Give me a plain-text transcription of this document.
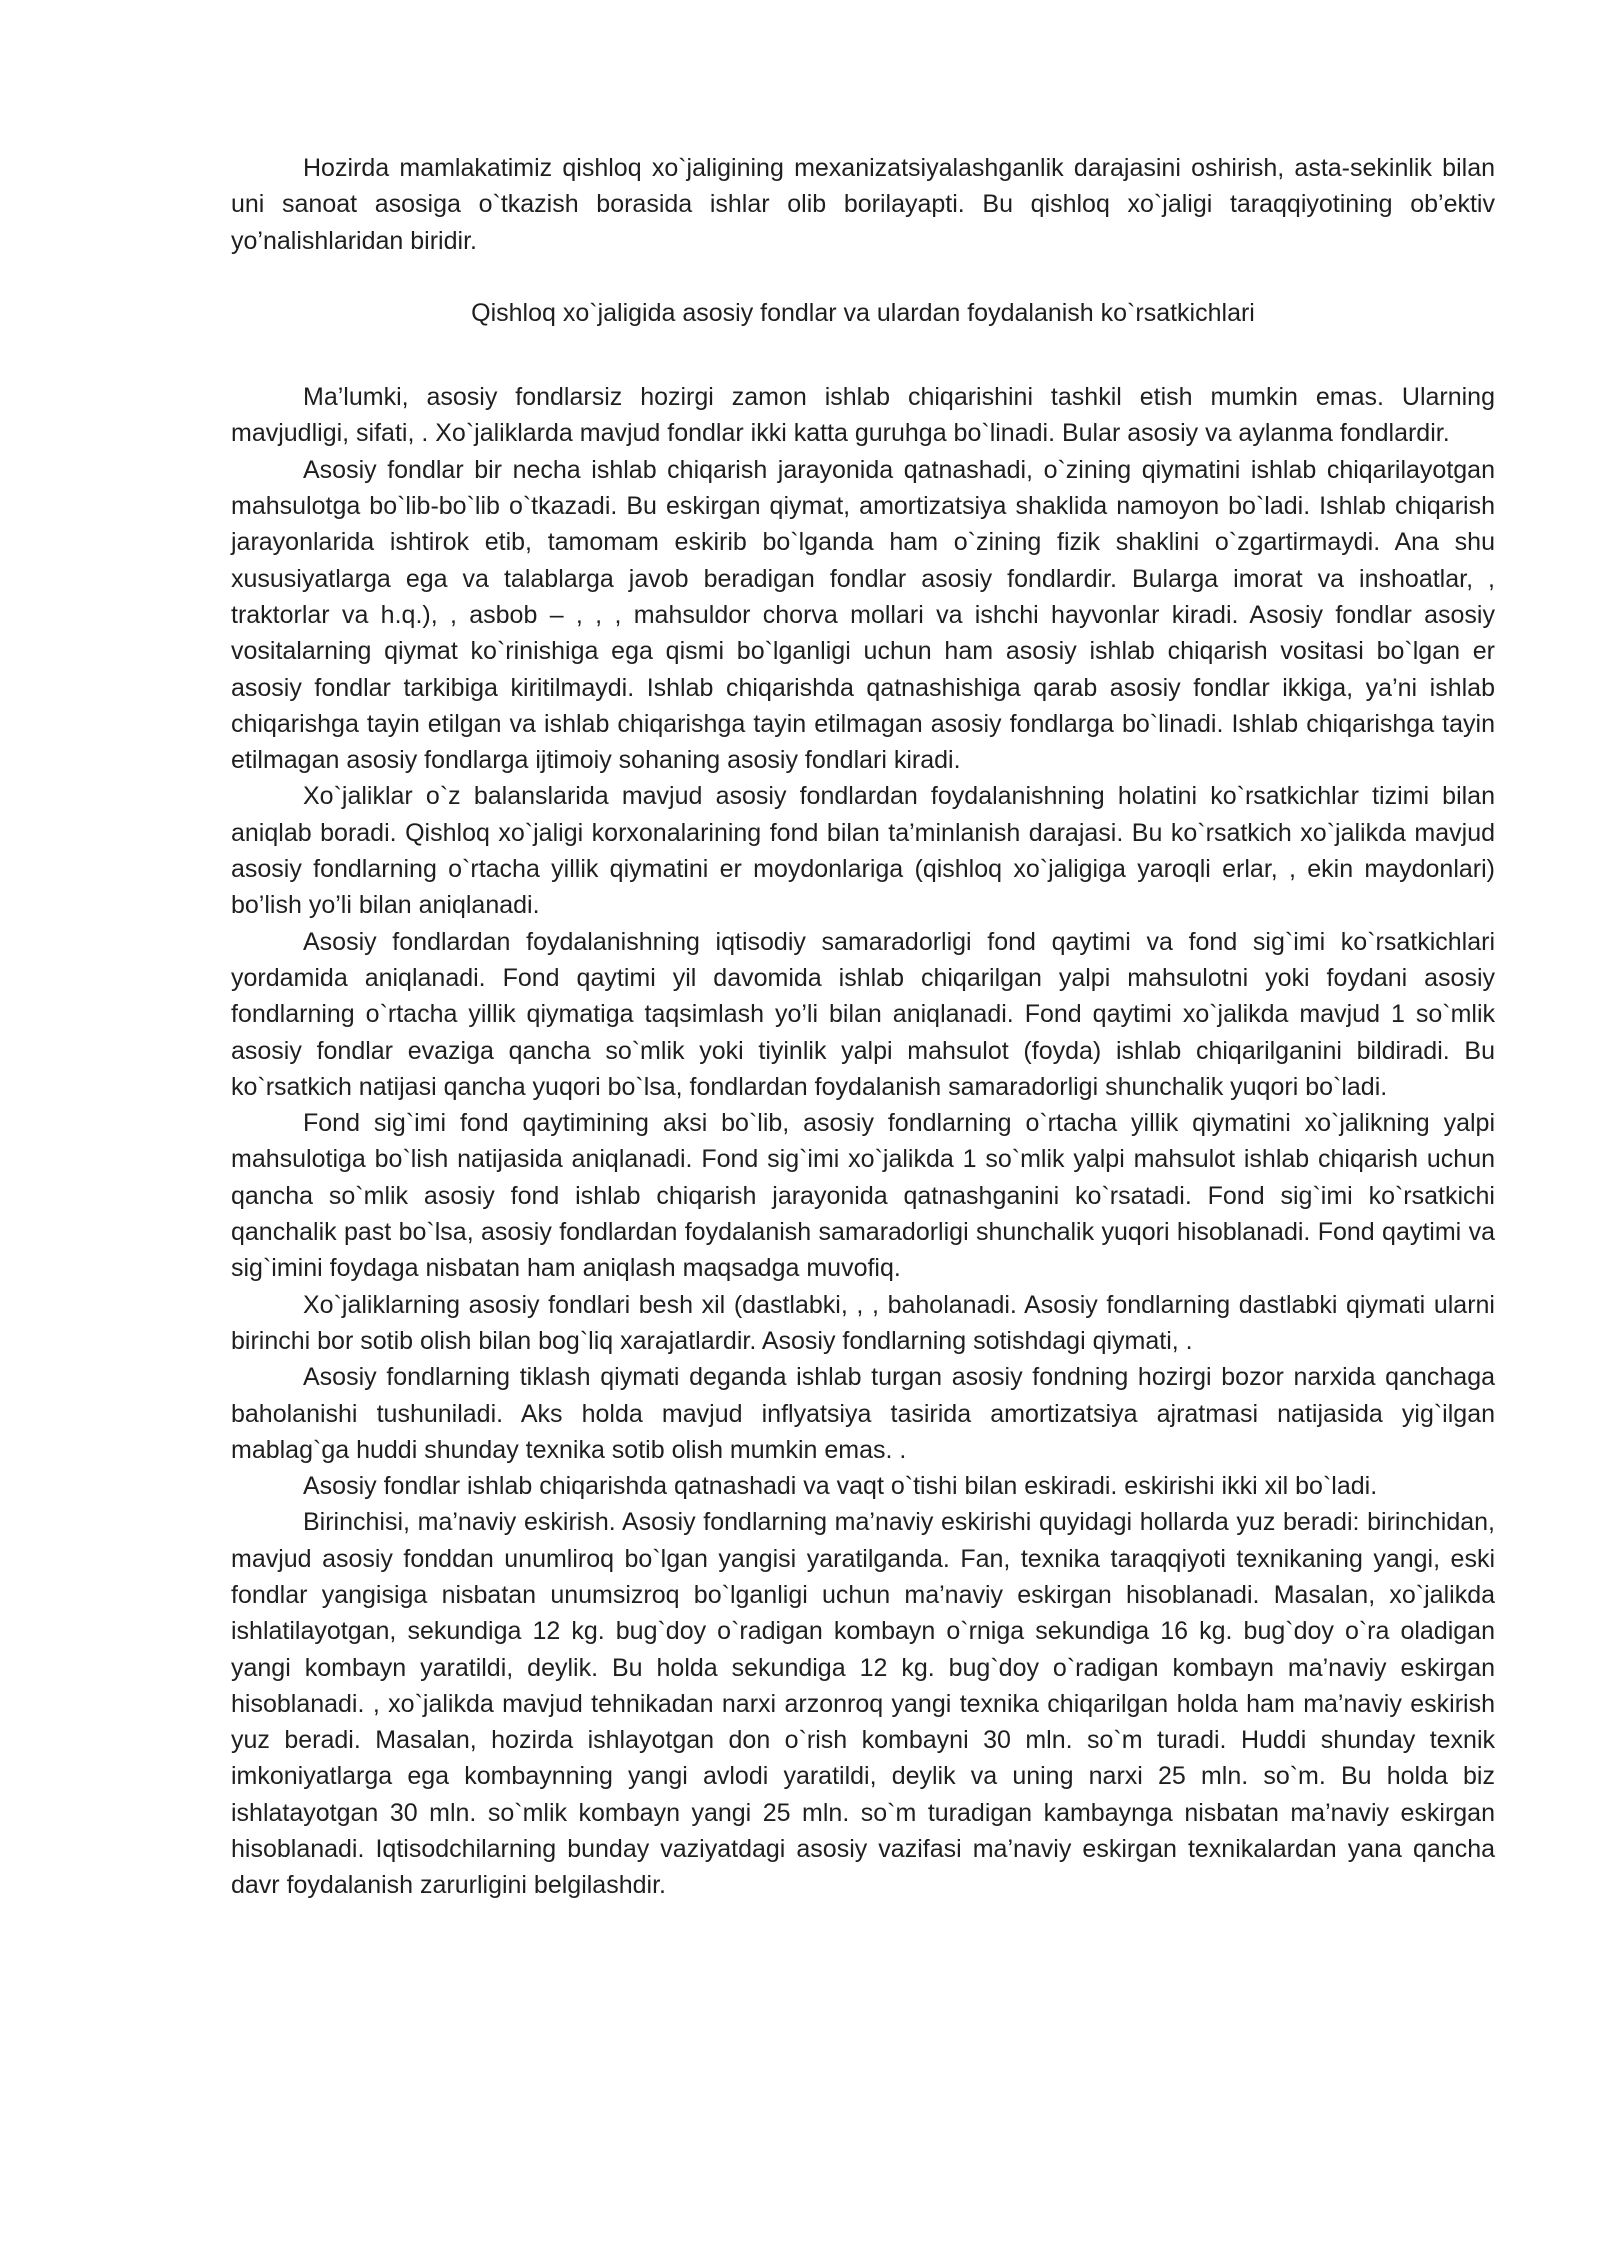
Hozirda mamlakatimiz qishloq xo`jaligining mexanizatsiyalashganlik darajasini oshirish, asta-sekinlik bilan uni sanoat asosiga o`tkazish borasida ishlar olib borilayapti. Bu qishloq xo`jaligi taraqqiyotining ob’ektiv yo’nalishlaridan biridir.

Qishloq xo`jaligida asosiy fondlar va ulardan foydalanish ko`rsatkichlari

Ma’lumki, asosiy fondlarsiz hozirgi zamon ishlab chiqarishini tashkil etish mumkin emas. Ularning mavjudligi, sifati, . Xo`jaliklarda mavjud fondlar ikki katta guruhga bo`linadi. Bular asosiy va aylanma fondlardir.

Asosiy fondlar bir necha ishlab chiqarish jarayonida qatnashadi, o`zining qiymatini ishlab chiqarilayotgan mahsulotga bo`lib-bo`lib o`tkazadi. Bu eskirgan qiymat, amortizatsiya shaklida namoyon bo`ladi. Ishlab chiqarish jarayonlarida ishtirok etib, tamomam eskirib bo`lganda ham o`zining fizik shaklini o`zgartirmaydi. Ana shu xususiyatlarga ega va talablarga javob beradigan fondlar asosiy fondlardir. Bularga imorat va inshoatlar, , traktorlar va h.q.), , asbob – , , , mahsuldor chorva mollari va ishchi hayvonlar kiradi. Asosiy fondlar asosiy vositalarning qiymat ko`rinishiga ega qismi bo`lganligi uchun ham asosiy ishlab chiqarish vositasi bo`lgan er asosiy fondlar tarkibiga kiritilmaydi. Ishlab chiqarishda qatnashishiga qarab asosiy fondlar ikkiga, ya’ni ishlab chiqarishga tayin etilgan va ishlab chiqarishga tayin etilmagan asosiy fondlarga bo`linadi. Ishlab chiqarishga tayin etilmagan asosiy fondlarga ijtimoiy sohaning asosiy fondlari kiradi.

Xo`jaliklar o`z balanslarida mavjud asosiy fondlardan foydalanishning holatini ko`rsatkichlar tizimi bilan aniqlab boradi. Qishloq xo`jaligi korxonalarining fond bilan ta’minlanish darajasi. Bu ko`rsatkich xo`jalikda mavjud asosiy fondlarning o`rtacha yillik qiymatini er moydonlariga (qishloq xo`jaligiga yaroqli erlar, , ekin maydonlari) bo’lish yo’li bilan aniqlanadi.

Asosiy fondlardan foydalanishning iqtisodiy samaradorligi fond qaytimi va fond sig`imi ko`rsatkichlari yordamida aniqlanadi. Fond qaytimi yil davomida ishlab chiqarilgan yalpi mahsulotni yoki foydani asosiy fondlarning o`rtacha yillik qiymatiga taqsimlash yo’li bilan aniqlanadi. Fond qaytimi xo`jalikda mavjud 1 so`mlik asosiy fondlar evaziga qancha so`mlik yoki tiyinlik yalpi mahsulot (foyda) ishlab chiqarilganini bildiradi. Bu ko`rsatkich natijasi qancha yuqori bo`lsa, fondlardan foydalanish samaradorligi shunchalik yuqori bo`ladi.

Fond sig`imi fond qaytimining aksi bo`lib, asosiy fondlarning o`rtacha yillik qiymatini xo`jalikning yalpi mahsulotiga bo`lish natijasida aniqlanadi. Fond sig`imi xo`jalikda 1 so`mlik yalpi mahsulot ishlab chiqarish uchun qancha so`mlik asosiy fond ishlab chiqarish jarayonida qatnashganini ko`rsatadi. Fond sig`imi ko`rsatkichi qanchalik past bo`lsa, asosiy fondlardan foydalanish samaradorligi shunchalik yuqori hisoblanadi. Fond qaytimi va sig`imini foydaga nisbatan ham aniqlash maqsadga muvofiq.

Xo`jaliklarning asosiy fondlari besh xil (dastlabki, , , baholanadi. Asosiy fondlarning dastlabki qiymati ularni birinchi bor sotib olish bilan bog`liq xarajatlardir. Asosiy fondlarning sotishdagi qiymati, .

Asosiy fondlarning tiklash qiymati deganda ishlab turgan asosiy fondning hozirgi bozor narxida qanchaga baholanishi tushuniladi. Aks holda mavjud inflyatsiya tasirida amortizatsiya ajratmasi natijasida yig`ilgan mablag`ga huddi shunday texnika sotib olish mumkin emas. .

Asosiy fondlar ishlab chiqarishda qatnashadi va vaqt o`tishi bilan eskiradi. eskirishi ikki xil bo`ladi.

Birinchisi, ma’naviy eskirish. Asosiy fondlarning ma’naviy eskirishi quyidagi hollarda yuz beradi: birinchidan, mavjud asosiy fonddan unumliroq bo`lgan yangisi yaratilganda. Fan, texnika taraqqiyoti texnikaning yangi, eski fondlar yangisiga nisbatan unumsizroq bo`lganligi uchun ma’naviy eskirgan hisoblanadi. Masalan, xo`jalikda ishlatilayotgan, sekundiga 12 kg. bug`doy o`radigan kombayn o`rniga sekundiga 16 kg. bug`doy o`ra oladigan yangi kombayn yaratildi, deylik. Bu holda sekundiga 12 kg. bug`doy o`radigan kombayn ma’naviy eskirgan hisoblanadi. , xo`jalikda mavjud tehnikadan narxi arzonroq yangi texnika chiqarilgan holda ham ma’naviy eskirish yuz beradi. Masalan, hozirda ishlayotgan don o`rish kombayni 30 mln. so`m turadi. Huddi shunday texnik imkoniyatlarga ega kombaynning yangi avlodi yaratildi, deylik va uning narxi 25 mln. so`m. Bu holda biz ishlatayotgan 30 mln. so`mlik kombayn yangi 25 mln. so`m turadigan kambaynga nisbatan ma’naviy eskirgan hisoblanadi. Iqtisodchilarning bunday vaziyatdagi asosiy vazifasi ma’naviy eskirgan texnikalardan yana qancha davr foydalanish zarurligini belgilashdir.
